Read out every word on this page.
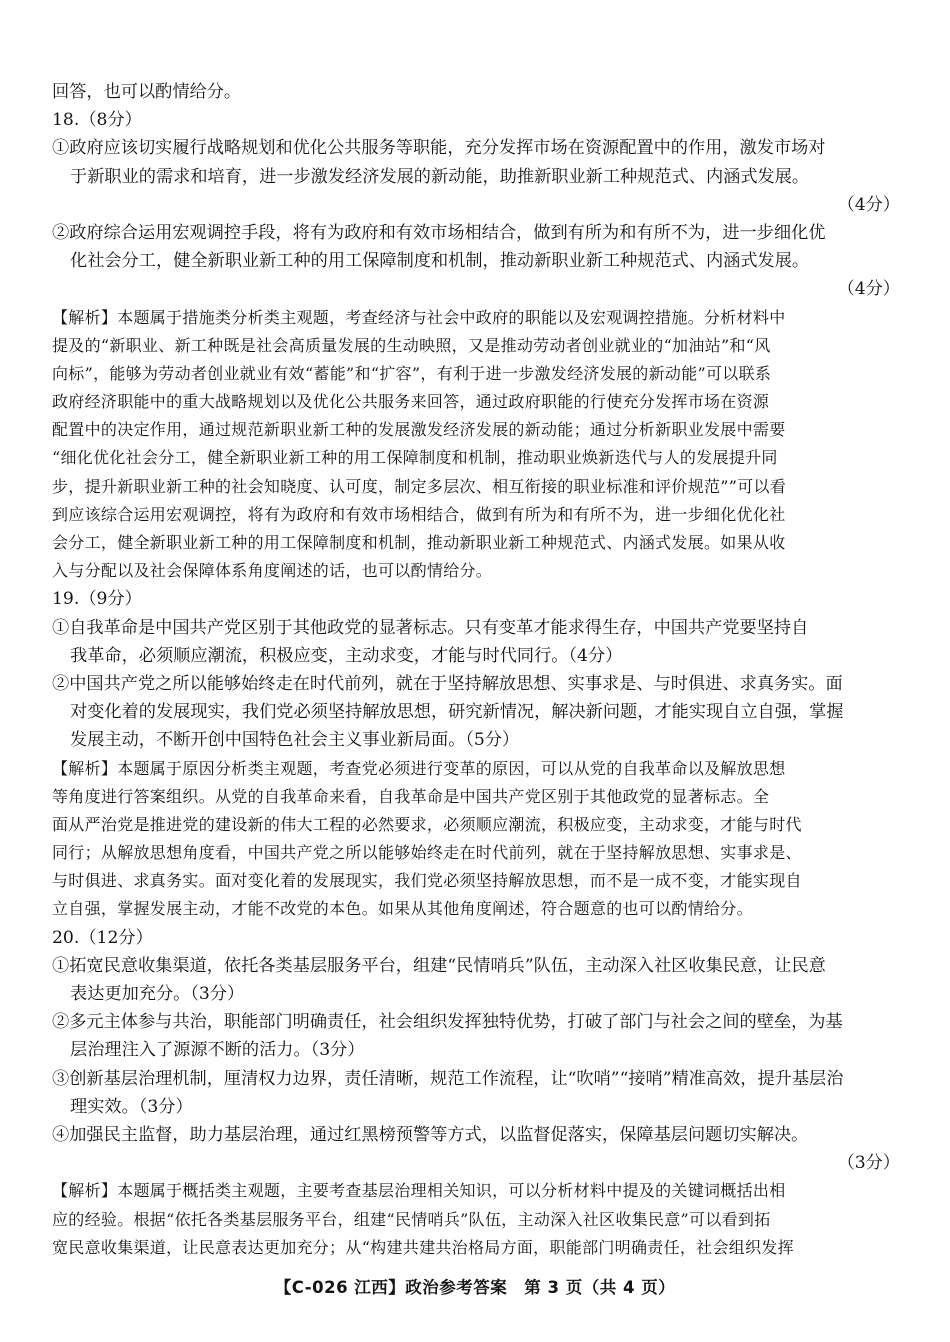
回答，也可以酌情给分。
18.（8分）
①政府应该切实履行战略规划和优化公共服务等职能，充分发挥市场在资源配置中的作用，激发市场对
于新职业的需求和培育，进一步激发经济发展的新动能，助推新职业新工种规范式、内涵式发展。
（4分）
②政府综合运用宏观调控手段，将有为政府和有效市场相结合，做到有所为和有所不为，进一步细化优
化社会分工，健全新职业新工种的用工保障制度和机制，推动新职业新工种规范式、内涵式发展。
（4分）
【解析】本题属于措施类分析类主观题，考查经济与社会中政府的职能以及宏观调控措施。分析材料中
提及的“新职业、新工种既是社会高质量发展的生动映照，又是推动劳动者创业就业的“加油站”和“风
向标”，能够为劳动者创业就业有效“蓄能”和“扩容”，有利于进一步激发经济发展的新动能”可以联系
政府经济职能中的重大战略规划以及优化公共服务来回答，通过政府职能的行使充分发挥市场在资源
配置中的决定作用，通过规范新职业新工种的发展激发经济发展的新动能；通过分析新职业发展中需要
“细化优化社会分工，健全新职业新工种的用工保障制度和机制，推动职业焕新迭代与人的发展提升同
步，提升新职业新工种的社会知晓度、认可度，制定多层次、相互衔接的职业标准和评价规范””可以看
到应该综合运用宏观调控，将有为政府和有效市场相结合，做到有所为和有所不为，进一步细化优化社
会分工，健全新职业新工种的用工保障制度和机制，推动新职业新工种规范式、内涵式发展。如果从收
入与分配以及社会保障体系角度阐述的话，也可以酌情给分。
19.（9分）
①自我革命是中国共产党区别于其他政党的显著标志。只有变革才能求得生存，中国共产党要坚持自
我革命，必须顺应潮流，积极应变，主动求变，才能与时代同行。（4分）
②中国共产党之所以能够始终走在时代前列，就在于坚持解放思想、实事求是、与时俱进、求真务实。面
对变化着的发展现实，我们党必须坚持解放思想，研究新情况，解决新问题，才能实现自立自强，掌握
发展主动，不断开创中国特色社会主义事业新局面。（5分）
【解析】本题属于原因分析类主观题，考查党必须进行变革的原因，可以从党的自我革命以及解放思想
等角度进行答案组织。从党的自我革命来看，自我革命是中国共产党区别于其他政党的显著标志。全
面从严治党是推进党的建设新的伟大工程的必然要求，必须顺应潮流，积极应变，主动求变，才能与时代
同行；从解放思想角度看，中国共产党之所以能够始终走在时代前列，就在于坚持解放思想、实事求是、
与时俱进、求真务实。面对变化着的发展现实，我们党必须坚持解放思想，而不是一成不变，才能实现自
立自强，掌握发展主动，才能不改党的本色。如果从其他角度阐述，符合题意的也可以酌情给分。
20.（12分）
①拓宽民意收集渠道，依托各类基层服务平台，组建“民情哨兵”队伍，主动深入社区收集民意，让民意
表达更加充分。（3分）
②多元主体参与共治，职能部门明确责任，社会组织发挥独特优势，打破了部门与社会之间的壁垒，为基
层治理注入了源源不断的活力。（3分）
③创新基层治理机制，厘清权力边界，责任清晰，规范工作流程，让“吹哨”“接哨”精准高效，提升基层治
理实效。（3分）
④加强民主监督，助力基层治理，通过红黑榜预警等方式，以监督促落实，保障基层问题切实解决。
（3分）
【解析】本题属于概括类主观题，主要考查基层治理相关知识，可以分析材料中提及的关键词概括出相
应的经验。根据“依托各类基层服务平台，组建“民情哨兵”队伍，主动深入社区收集民意”可以看到拓
宽民意收集渠道，让民意表达更加充分；从“构建共建共治格局方面，职能部门明确责任，社会组织发挥
【C-026 江西】政治参考答案　第 3 页（共 4 页）
